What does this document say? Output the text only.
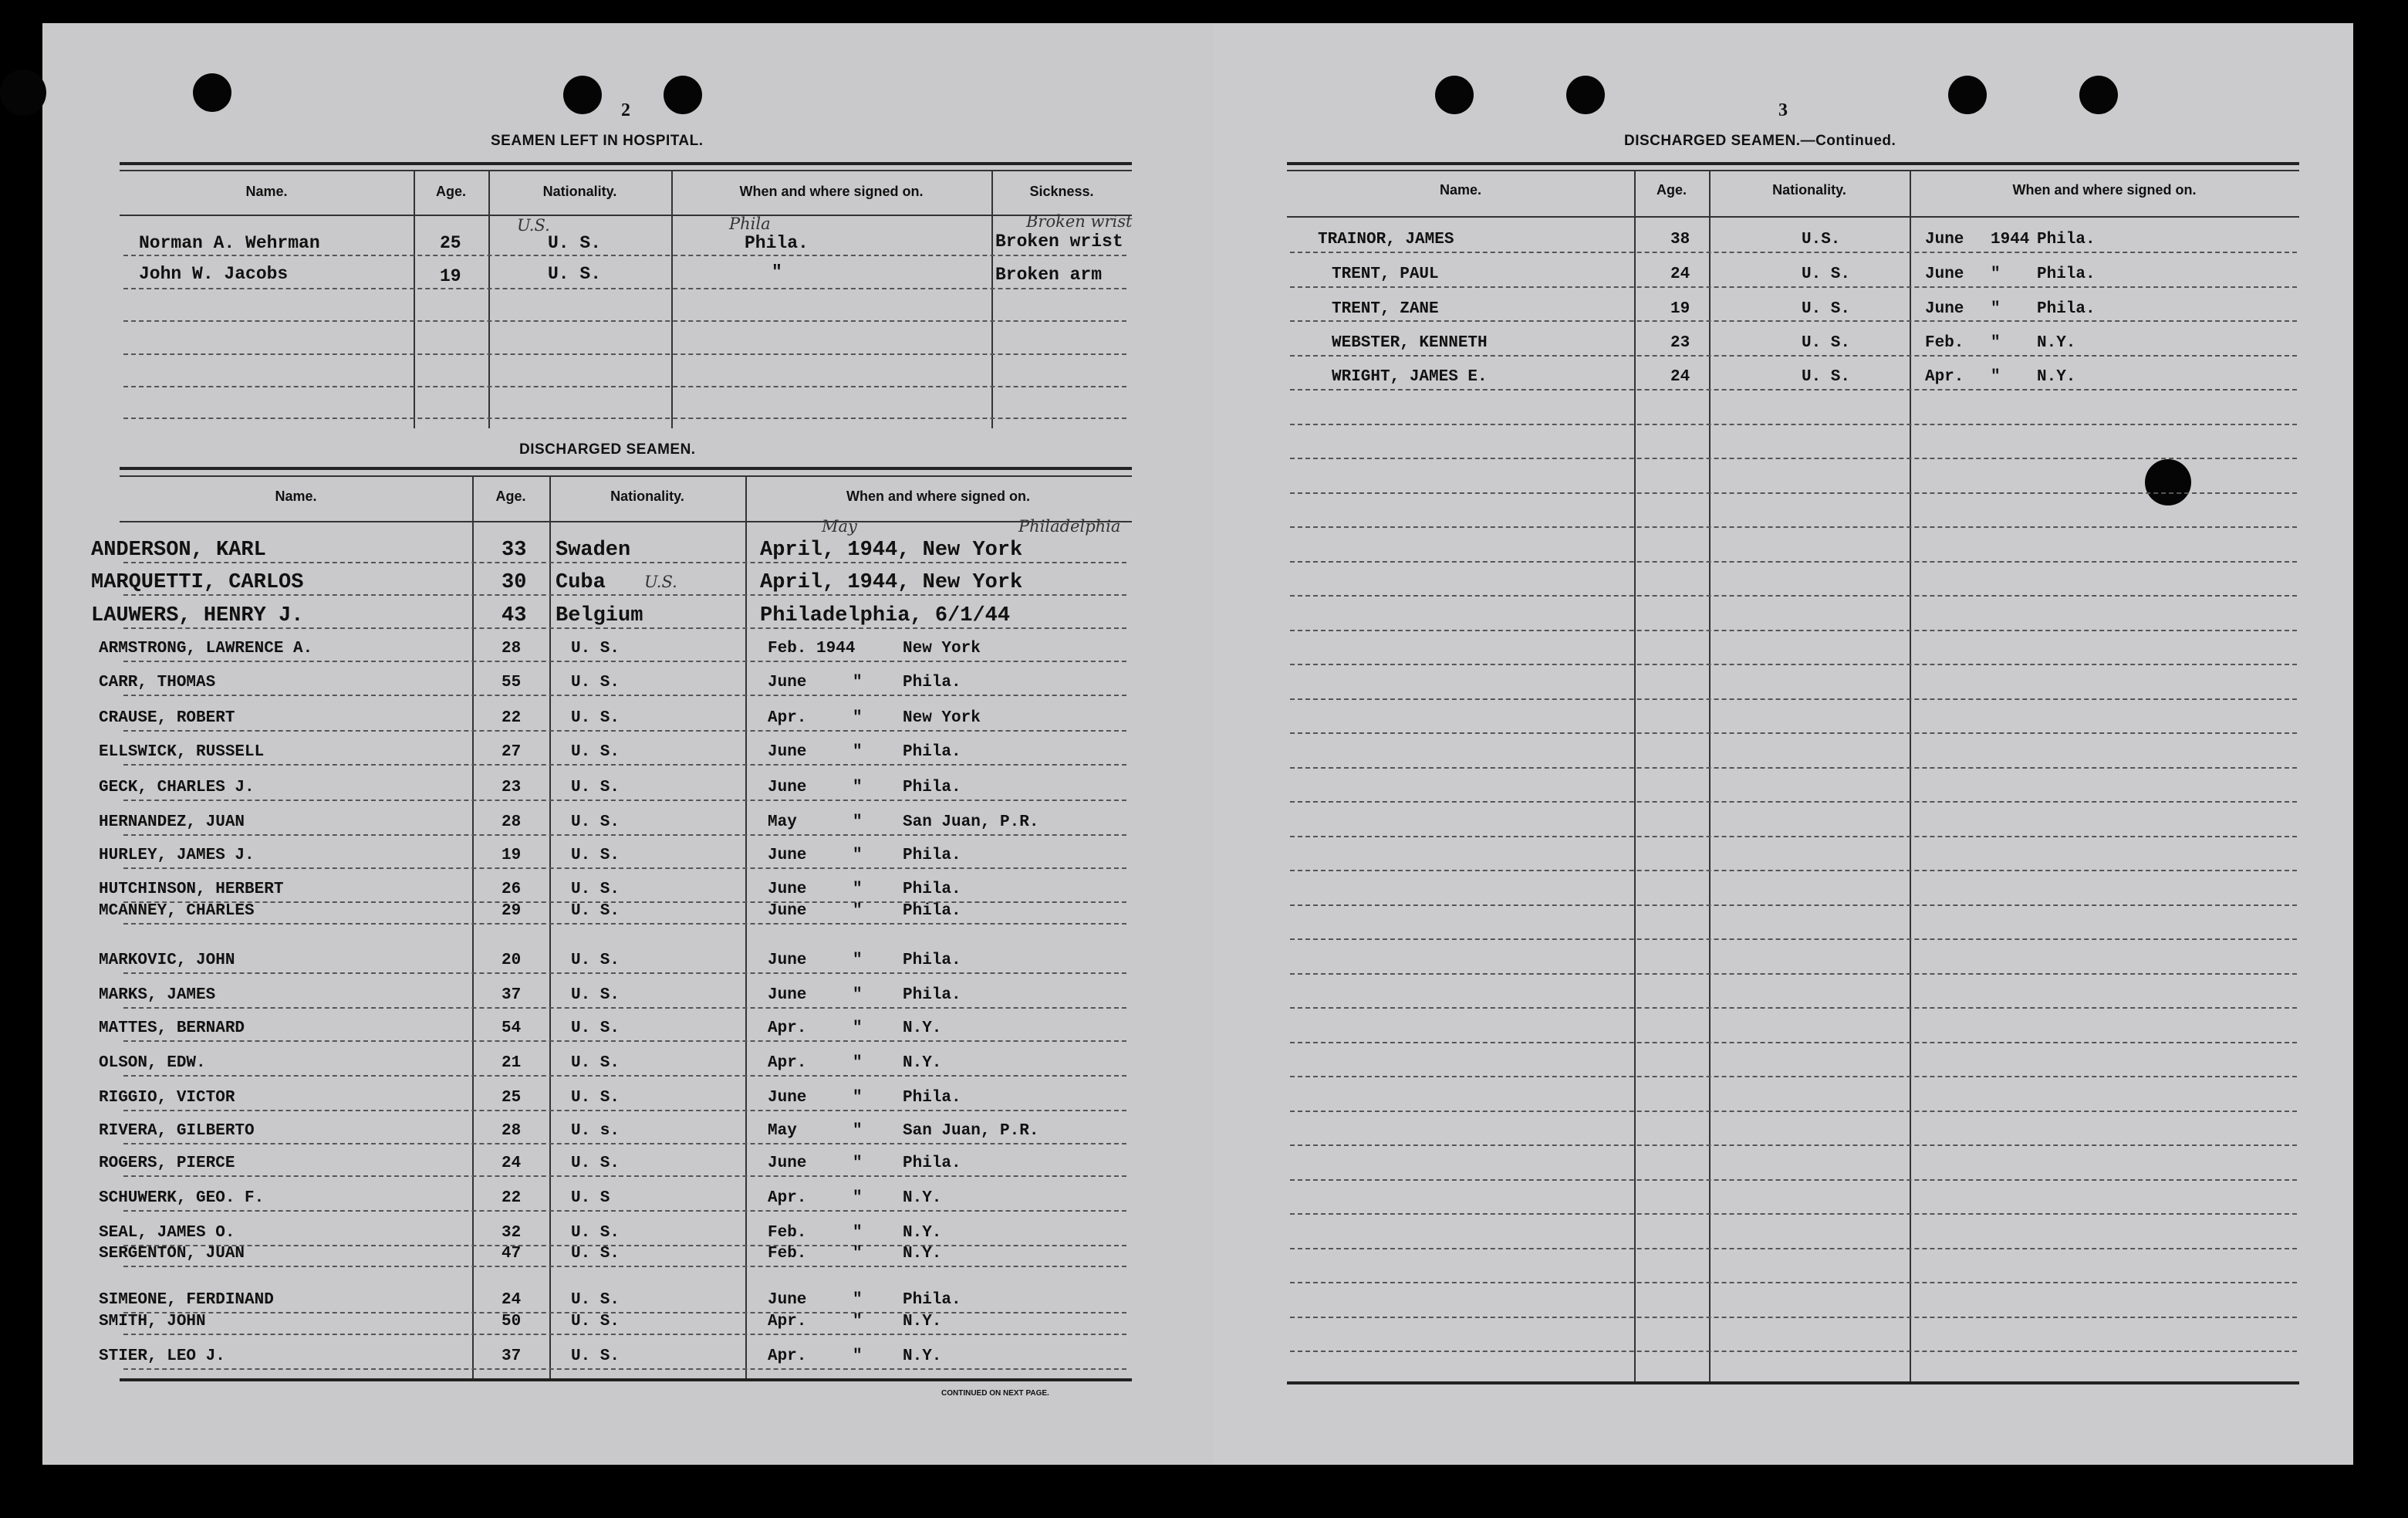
2
SEAMEN LEFT IN HOSPITAL.
Name.	Age.	Nationality.	When and where signed on.	Sickness.
U.S.	Phila	Broken wrist
Norman A. Wehrman	25	U. S.	Phila.	Broken wrist
John W. Jacobs	19	U. S.	"	Broken arm
DISCHARGED SEAMEN.
Name.	Age.	Nationality.	When and where signed on.
ANDERSON, KARL	33 Swaden	April, 1944, New York
MARQUETTI, CARLOS	30 Cuba	April, 1944, New York
LAUWERS, HENRY J.	43 Belgium	Philadelphia, 6/1/44
ARMSTRONG, LAWRENCE A.	28	U. S.	Feb. 1944	New York
CARR, THOMAS	55	U. S.	June	" Phila.
CRAUSE, ROBERT	22	U. S.	Apr.	" New York
ELLSWICK, RUSSELL	27	U. S.	June	" Phila.
GECK, CHARLES J.	23	U. S.	June	" Phila.
HERNANDEZ, JUAN	28	U. S.	May	" San Juan, P.R.
HURLEY, JAMES J.	19	U. S.	June	" Phila.
HUTCHINSON, HERBERT	26	U. S.	June	" Phila.
MCANNEY, CHARLES	29	U. S.	June	" Phila.
MARKOVIC, JOHN	20	U. S.	June	" Phila.
MARKS, JAMES	37	U. S.	June	" Phila.
MATTES, BERNARD	54	U. S.	Apr.	" N.Y.
OLSON, EDW.	21	U. S.	Apr.	" N.Y.
RIGGIO, VICTOR	25	U. S.	June	" Phila.
RIVERA, GILBERTO	28	U. s.	May	" San Juan, P.R.
ROGERS, PIERCE	24	U. S.	June	" Phila.
SCHUWERK, GEO. F.	22	U. S	Apr.	" N.Y.
SEAL, JAMES O.	32	U. S.	Feb.	" N.Y.
SERGENTON, JUAN	47	U. S.	Feb.	" N.Y.
SIMEONE, FERDINAND	24	U. S.	June	" Phila.
SMITH, JOHN	50	U. S.	Apr.	" N.Y.
STIER, LEO J.	37	U. S.	Apr.	" N.Y.
May	Philadelphia
U.S.
CONTINUED ON NEXT PAGE.
3
DISCHARGED SEAMEN.—Continued.
Name.	Age.	Nationality.	When and where signed on.
TRAINOR, JAMES	38	U.S.	June 1944 Phila.
TRENT, PAUL	24	U. S.	June " Phila.
TRENT, ZANE	19	U. S.	June " Phila.
WEBSTER, KENNETH	23	U. S.	Feb. " N.Y.
WRIGHT, JAMES E.	24	U. S.	Apr. " N.Y.
